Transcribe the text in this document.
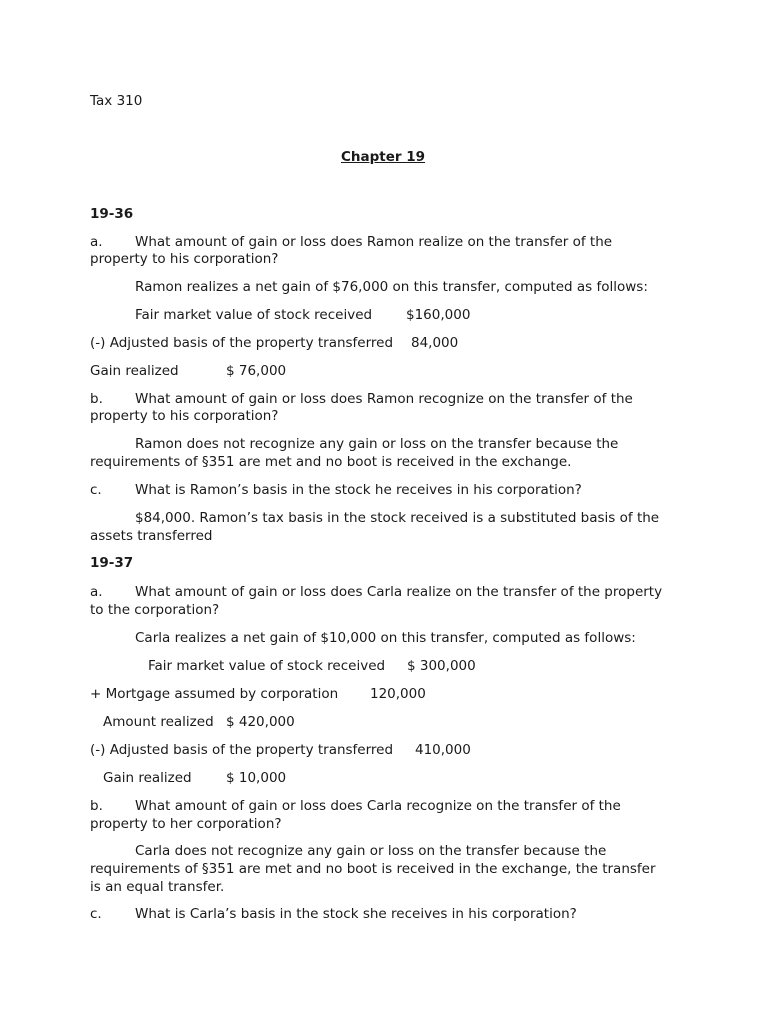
Tax 310
Chapter 19
19-36
a. What amount of gain or loss does Ramon realize on the transfer of the
property to his corporation?
Ramon realizes a net gain of $76,000 on this transfer, computed as follows:
Fair market value of stock received	$160,000
(-) Adjusted basis of the property transferred 84,000
Gain realized	$ 76,000
b. What amount of gain or loss does Ramon recognize on the transfer of the
property to his corporation?
Ramon does not recognize any gain or loss on the transfer because the
requirements of §351 are met and no boot is received in the exchange.
c. What is Ramon’s basis in the stock he receives in his corporation?
$84,000. Ramon’s tax basis in the stock received is a substituted basis of the
assets transferred
19-37
a. What amount of gain or loss does Carla realize on the transfer of the property
to the corporation?
Carla realizes a net gain of $10,000 on this transfer, computed as follows:
Fair market value of stock received $ 300,000
+ Mortgage assumed by corporation 120,000
Amount realized $ 420,000
(-) Adjusted basis of the property transferred 410,000
Gain realized	$ 10,000
b. What amount of gain or loss does Carla recognize on the transfer of the
property to her corporation?
Carla does not recognize any gain or loss on the transfer because the
requirements of §351 are met and no boot is received in the exchange, the transfer
is an equal transfer.
c. What is Carla’s basis in the stock she receives in his corporation?
